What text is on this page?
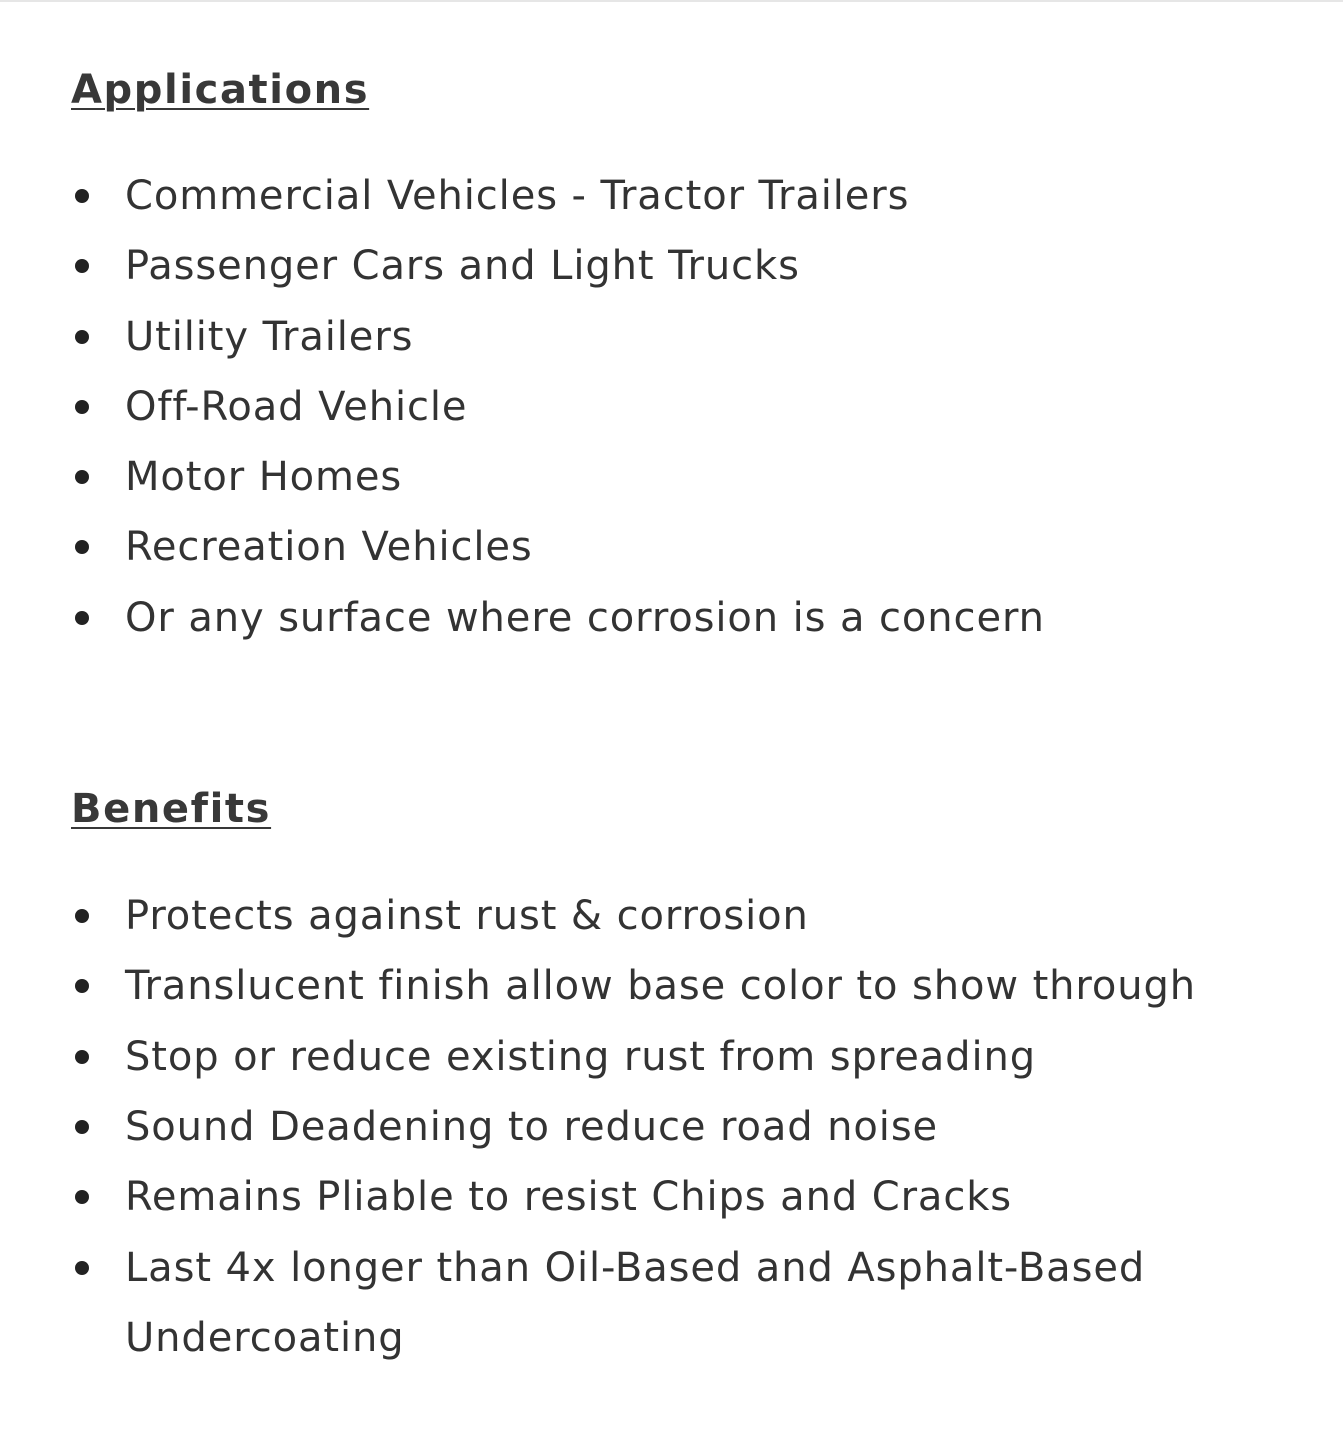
Applications
Commercial Vehicles - Tractor Trailers
Passenger Cars and Light Trucks
Utility Trailers
Off-Road Vehicle
Motor Homes
Recreation Vehicles
Or any surface where corrosion is a concern
Benefits
Protects against rust & corrosion
Translucent finish allow base color to show through
Stop or reduce existing rust from spreading
Sound Deadening to reduce road noise
Remains Pliable to resist Chips and Cracks
Last 4x longer than Oil-Based and Asphalt-Based Undercoating
